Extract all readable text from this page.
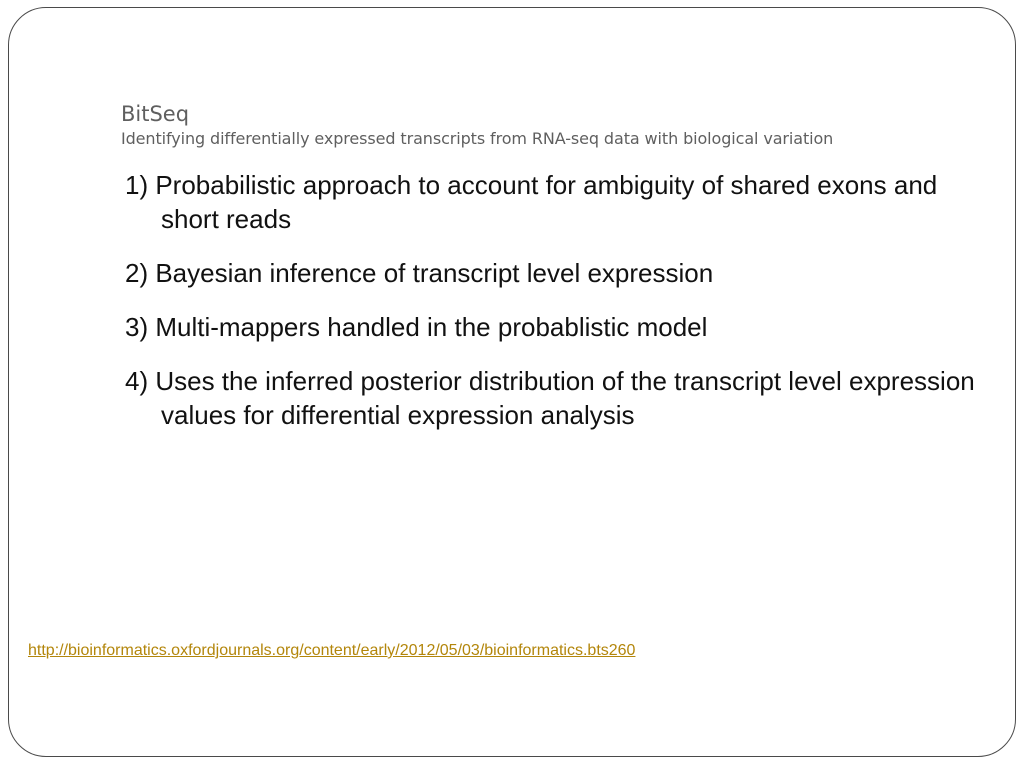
BitSeq
Identifying differentially expressed transcripts from RNA-seq data with biological variation
1) Probabilistic approach to account for ambiguity of shared exons and short reads
2) Bayesian inference of transcript level expression
3) Multi-mappers handled in the probablistic model
4) Uses the inferred posterior distribution of the transcript level expression values for differential expression analysis
http://bioinformatics.oxfordjournals.org/content/early/2012/05/03/bioinformatics.bts260
